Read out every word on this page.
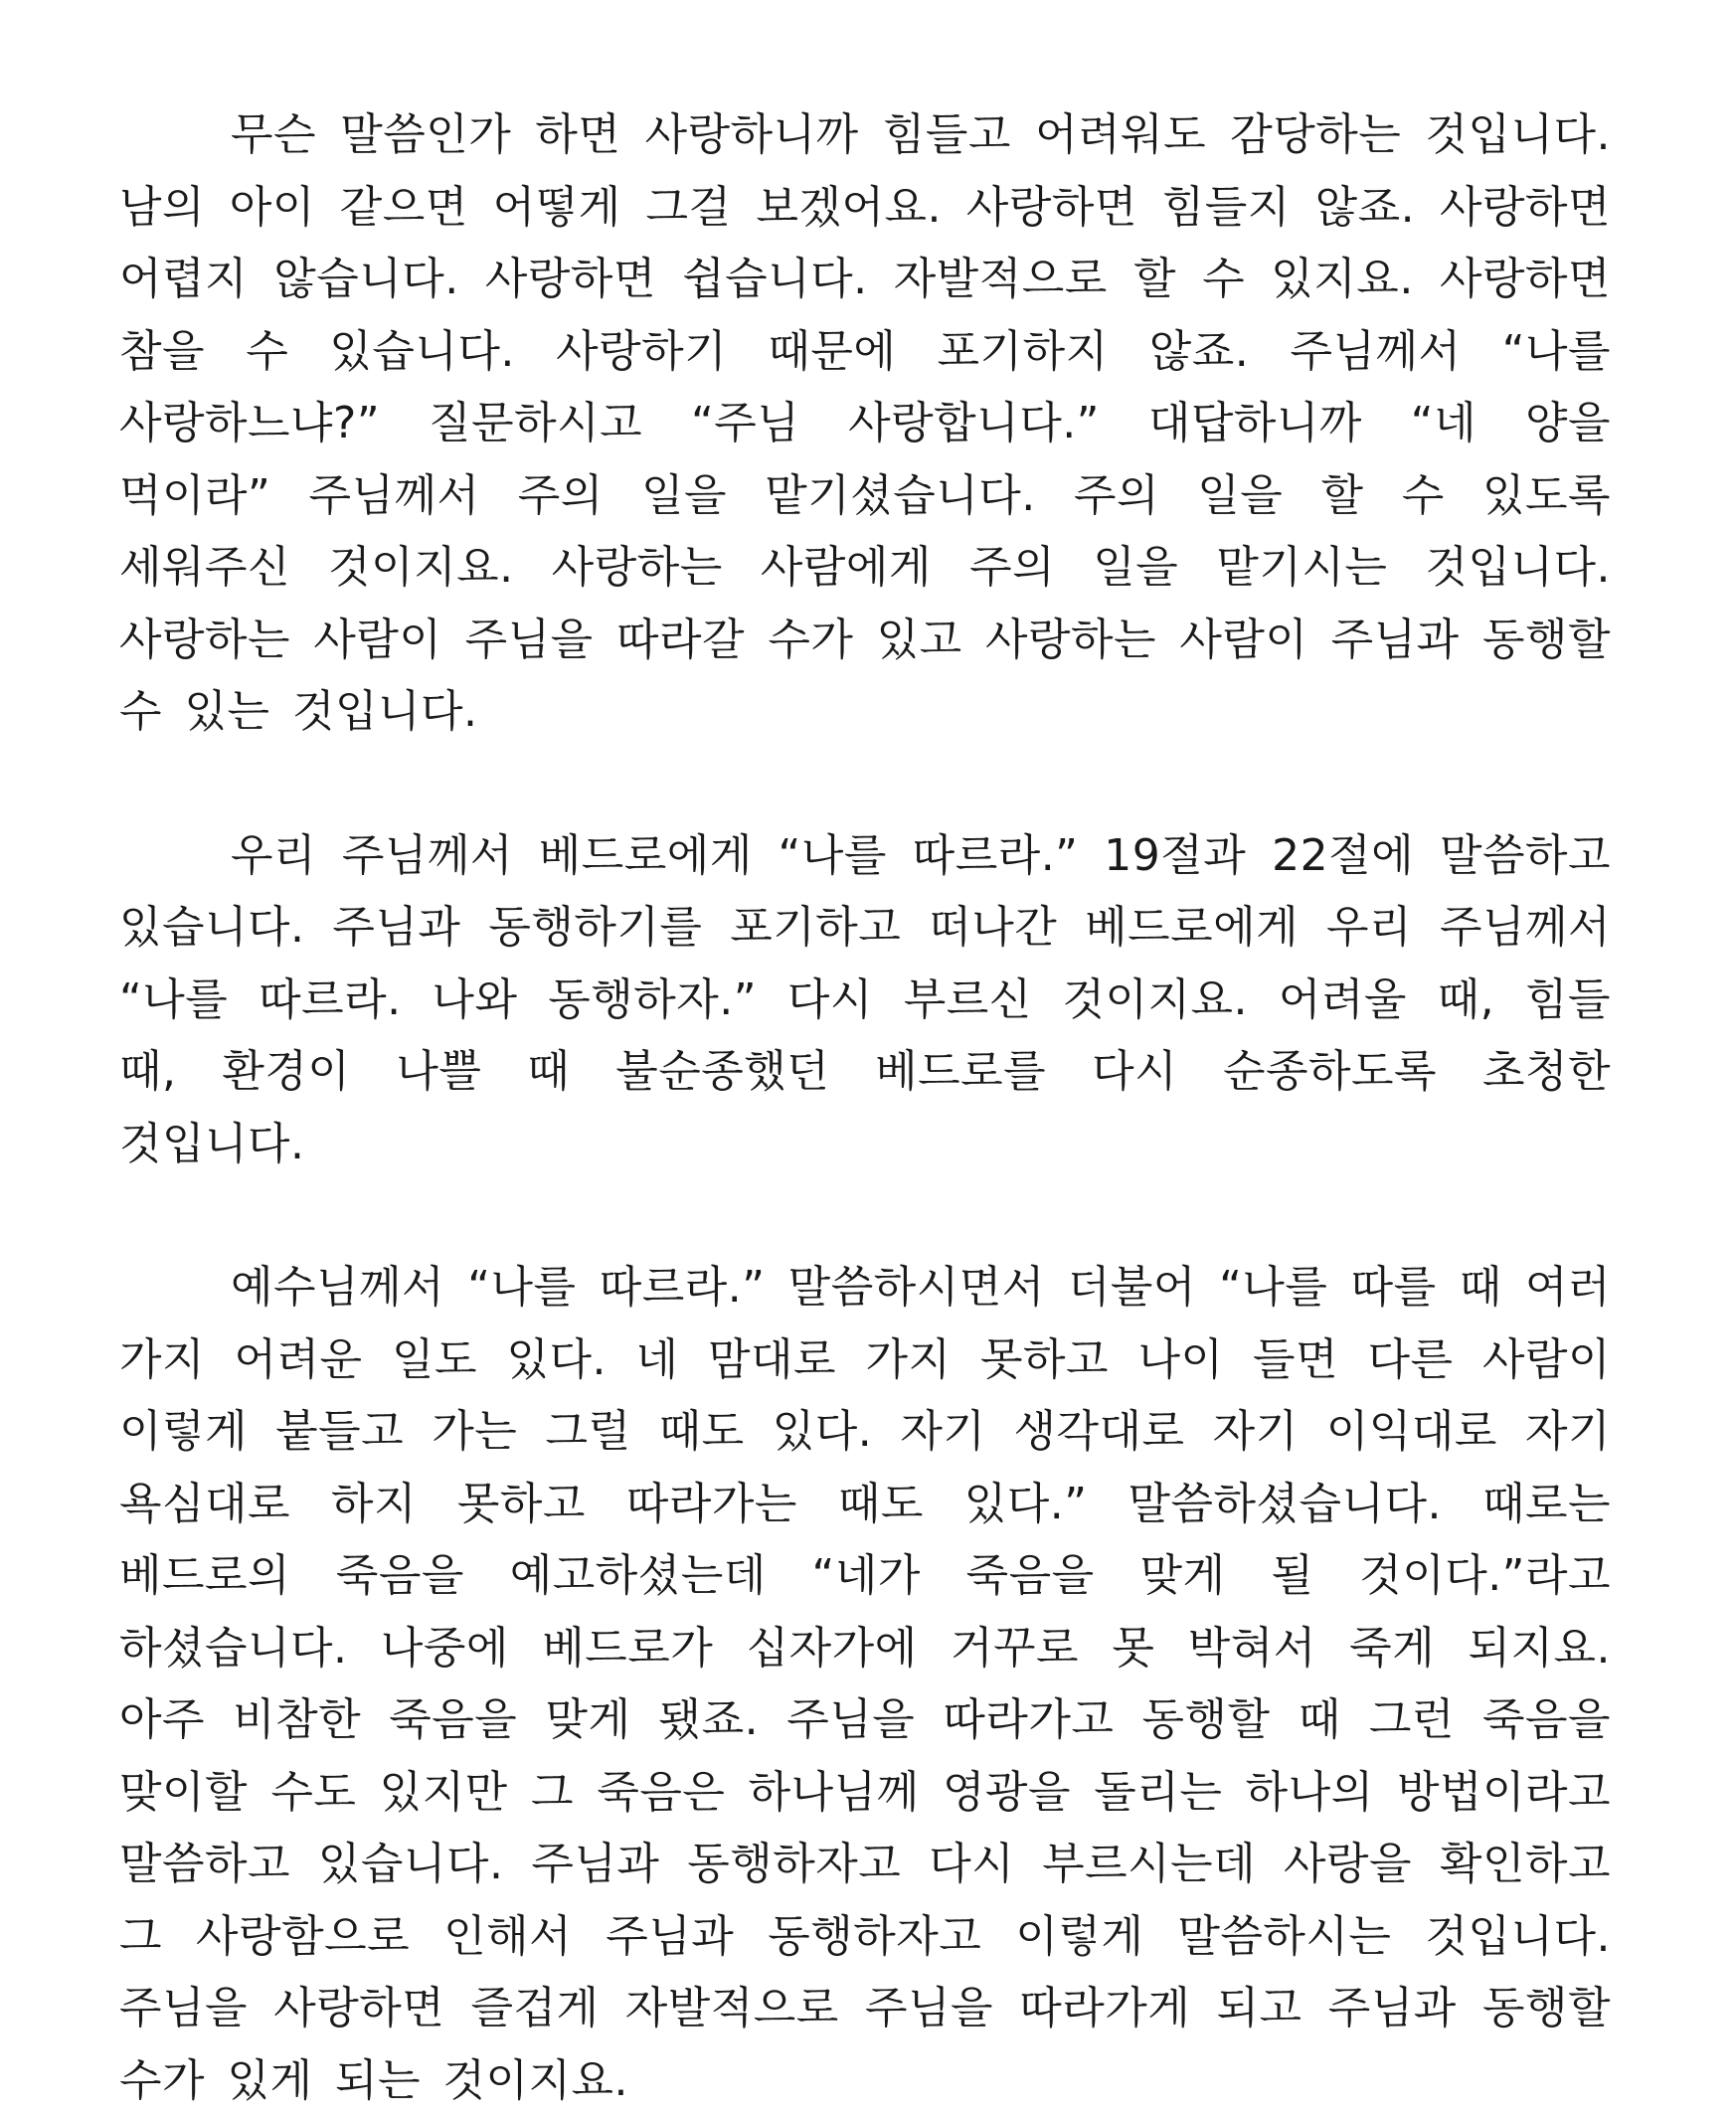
무슨 말씀인가 하면 사랑하니까 힘들고 어려워도 감당하는 것입니다. 남의 아이 같으면 어떻게 그걸 보겠어요. 사랑하면 힘들지 않죠. 사랑하면 어렵지 않습니다. 사랑하면 쉽습니다. 자발적으로 할 수 있지요. 사랑하면 참을 수 있습니다. 사랑하기 때문에 포기하지 않죠. 주님께서 “나를 사랑하느냐?” 질문하시고 “주님 사랑합니다.” 대답하니까 “네 양을 먹이라” 주님께서 주의 일을 맡기셨습니다. 주의 일을 할 수 있도록 세워주신 것이지요. 사랑하는 사람에게 주의 일을 맡기시는 것입니다. 사랑하는 사람이 주님을 따라갈 수가 있고 사랑하는 사람이 주님과 동행할 수 있는 것입니다.

우리 주님께서 베드로에게 “나를 따르라.” 19절과 22절에 말씀하고 있습니다. 주님과 동행하기를 포기하고 떠나간 베드로에게 우리 주님께서 “나를 따르라. 나와 동행하자.” 다시 부르신 것이지요. 어려울 때, 힘들 때, 환경이 나쁠 때 불순종했던 베드로를 다시 순종하도록 초청한 것입니다.

예수님께서 “나를 따르라.” 말씀하시면서 더불어 “나를 따를 때 여러 가지 어려운 일도 있다. 네 맘대로 가지 못하고 나이 들면 다른 사람이 이렇게 붙들고 가는 그럴 때도 있다. 자기 생각대로 자기 이익대로 자기 욕심대로 하지 못하고 따라가는 때도 있다.” 말씀하셨습니다. 때로는 베드로의 죽음을 예고하셨는데 “네가 죽음을 맞게 될 것이다.”라고 하셨습니다. 나중에 베드로가 십자가에 거꾸로 못 박혀서 죽게 되지요. 아주 비참한 죽음을 맞게 됐죠. 주님을 따라가고 동행할 때 그런 죽음을 맞이할 수도 있지만 그 죽음은 하나님께 영광을 돌리는 하나의 방법이라고 말씀하고 있습니다. 주님과 동행하자고 다시 부르시는데 사랑을 확인하고 그 사랑함으로 인해서 주님과 동행하자고 이렇게 말씀하시는 것입니다. 주님을 사랑하면 즐겁게 자발적으로 주님을 따라가게 되고 주님과 동행할 수가 있게 되는 것이지요.
